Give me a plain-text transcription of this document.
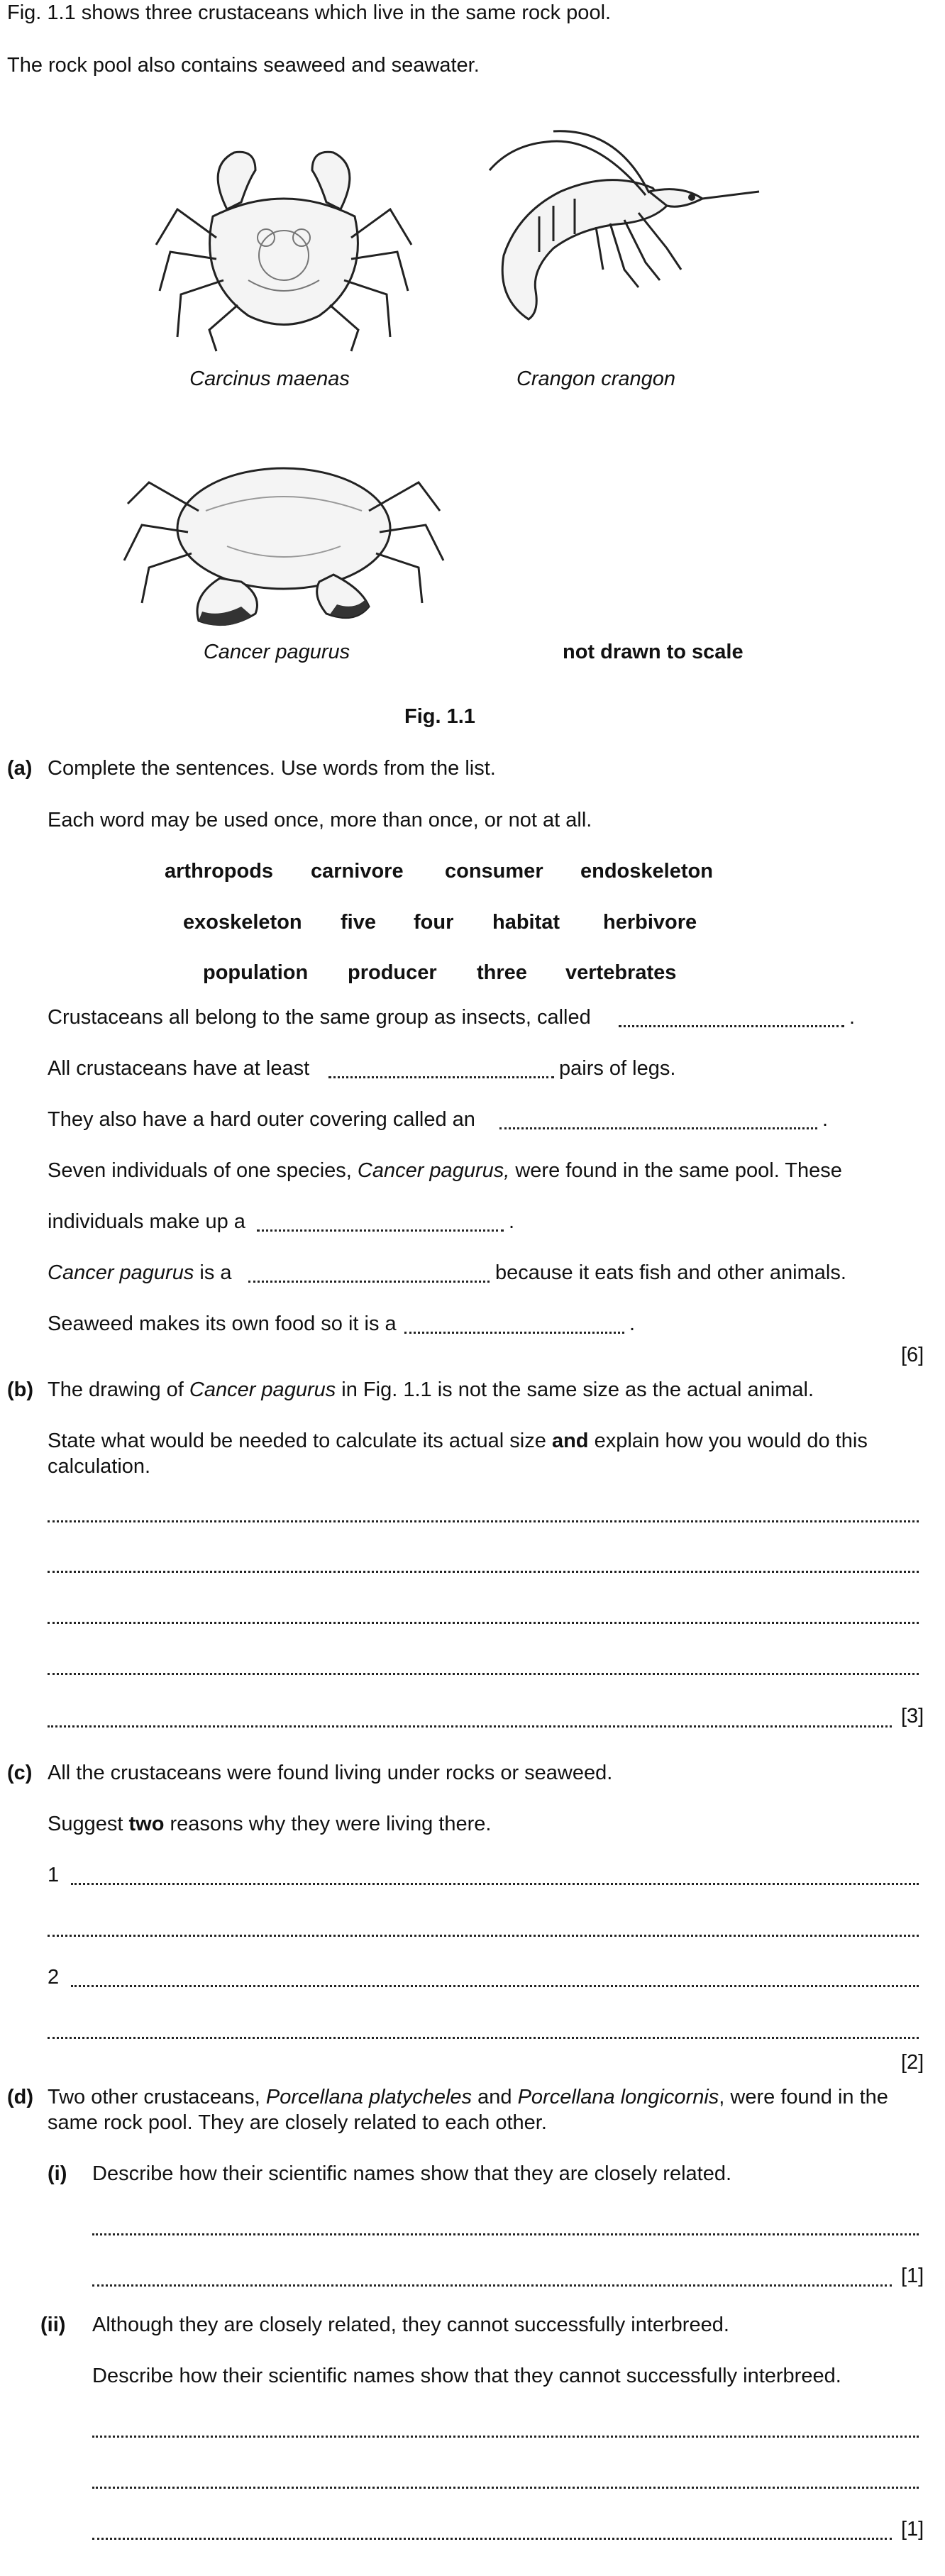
Fig. 1.1 shows three crustaceans which live in the same rock pool.
The rock pool also contains seaweed and seawater.
Carcinus maenas	Crangon crangon
Cancer pagurus	not drawn to scale
Fig. 1.1
(a) Complete the sentences. Use words from the list.
Each word may be used once, more than once, or not at all.
arthropods carnivore consumer endoskeleton
exoskeleton five four habitat herbivore
population producer three vertebrates
Crustaceans all belong to the same group as insects, called	.
All crustaceans have at least	pairs of legs.
They also have a hard outer covering called an	.
Seven individuals of one species, Cancer pagurus, were found in the same pool. These
individuals make up a	.
Cancer pagurus is a	because it eats fish and other animals.
Seaweed makes its own food so it is a	.
[6]
(b) The drawing of Cancer pagurus in Fig. 1.1 is not the same size as the actual animal.
State what would be needed to calculate its actual size and explain how you would do this
calculation.
[3]
(c) All the crustaceans were found living under rocks or seaweed.
Suggest two reasons why they were living there.
1
2
[2]
(d) Two other crustaceans, Porcellana platycheles and Porcellana longicornis, were found in the
same rock pool. They are closely related to each other.
(i) Describe how their scientific names show that they are closely related.
[1]
(ii) Although they are closely related, they cannot successfully interbreed.
Describe how their scientific names show that they cannot successfully interbreed.
[1]
